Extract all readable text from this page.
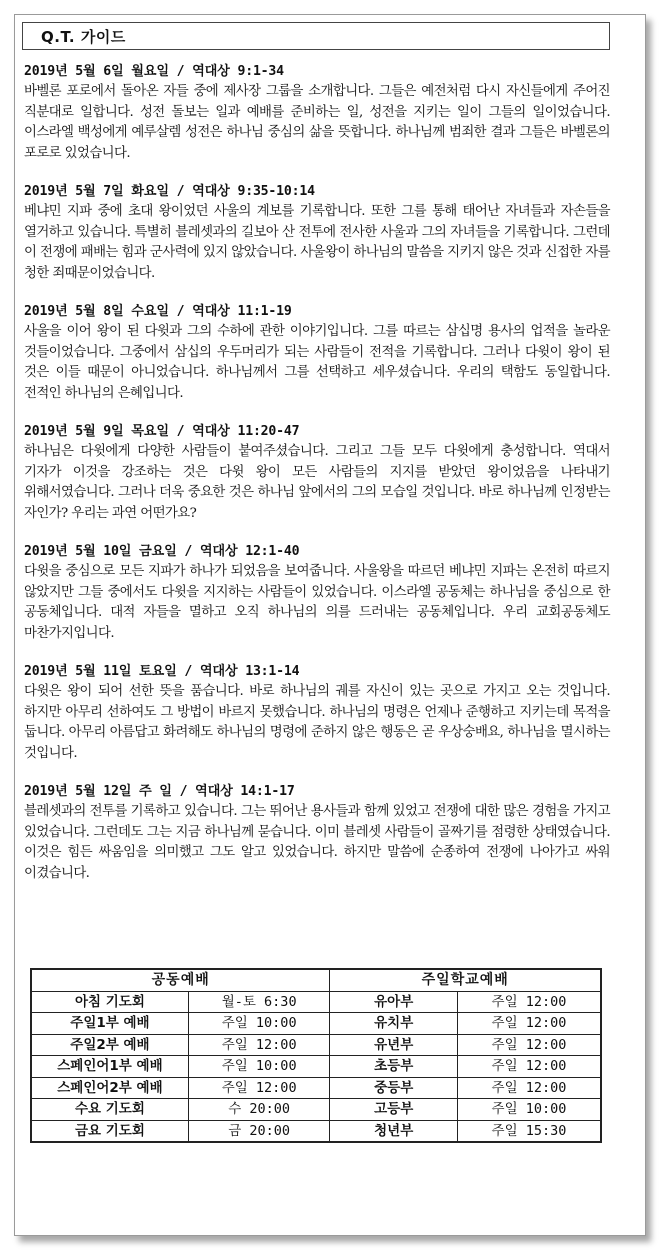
Q.T. 가이드
2019년 5월 6일 월요일 / 역대상 9:1-34
바벨론 포로에서 돌아온 자들 중에 제사장 그룹을 소개합니다. 그들은 예전처럼 다시 자신들에게 주어진 직분대로 일합니다. 성전 돌보는 일과 예배를 준비하는 일, 성전을 지키는 일이 그들의 일이었습니다. 이스라엘 백성에게 예루살렘 성전은 하나님 중심의 삶을 뜻합니다. 하나님께 범죄한 결과 그들은 바벨론의 포로로 있었습니다.
2019년 5월 7일 화요일 / 역대상 9:35-10:14
베냐민 지파 중에 초대 왕이었던 사울의 계보를 기록합니다. 또한 그를 통해 태어난 자녀들과 자손들을 열거하고 있습니다. 특별히 블레셋과의 길보아 산 전투에 전사한 사울과 그의 자녀들을 기록합니다. 그런데 이 전쟁에 패배는 힘과 군사력에 있지 않았습니다. 사울왕이 하나님의 말씀을 지키지 않은 것과 신접한 자를 청한 죄때문이었습니다.
2019년 5월 8일 수요일 / 역대상 11:1-19
사울을 이어 왕이 된 다윗과 그의 수하에 관한 이야기입니다. 그를 따르는 삼십명 용사의 업적을 놀라운 것들이었습니다. 그중에서 삼십의 우두머리가 되는 사람들이 전적을 기록합니다. 그러나 다윗이 왕이 된 것은 이들 때문이 아니었습니다. 하나님께서 그를 선택하고 세우셨습니다. 우리의 택함도 동일합니다. 전적인 하나님의 은혜입니다.
2019년 5월 9일 목요일 / 역대상 11:20-47
하나님은 다윗에게 다양한 사람들이 붙여주셨습니다. 그리고 그들 모두 다윗에게 충성합니다. 역대서 기자가 이것을 강조하는 것은 다윗 왕이 모든 사람들의 지지를 받았던 왕이었음을 나타내기 위해서였습니다. 그러나 더욱 중요한 것은 하나님 앞에서의 그의 모습일 것입니다. 바로 하나님께 인정받는 자인가? 우리는 과연 어떤가요?
2019년 5월 10일 금요일 / 역대상 12:1-40
다윗을 중심으로 모든 지파가 하나가 되었음을 보여줍니다. 사울왕을 따르던 베냐민 지파는 온전히 따르지 않았지만 그들 중에서도 다윗을 지지하는 사람들이 있었습니다. 이스라엘 공동체는 하나님을 중심으로 한 공동체입니다. 대적 자들을 멸하고 오직 하나님의 의를 드러내는 공동체입니다. 우리 교회공동체도 마찬가지입니다.
2019년 5월 11일 토요일 / 역대상 13:1-14
다윗은 왕이 되어 선한 뜻을 품습니다. 바로 하나님의 궤를 자신이 있는 곳으로 가지고 오는 것입니다. 하지만 아무리 선하여도 그 방법이 바르지 못했습니다. 하나님의 명령은 언제나 준행하고 지키는데 목적을 둡니다. 아무리 아름답고 화려해도 하나님의 명령에 준하지 않은 행동은 곧 우상숭배요, 하나님을 멸시하는 것입니다.
2019년 5월 12일 주 일 / 역대상 14:1-17
블레셋과의 전투를 기록하고 있습니다. 그는 뛰어난 용사들과 함께 있었고 전쟁에 대한 많은 경험을 가지고 있었습니다. 그런데도 그는 지금 하나님께 묻습니다. 이미 블레셋 사람들이 골짜기를 점령한 상태였습니다. 이것은 힘든 싸움임을 의미했고 그도 알고 있었습니다. 하지만 말씀에 순종하여 전쟁에 나아가고 싸워 이겼습니다.
공동예배		주일학교예배	
아침 기도회	월-토 6:30	유아부	주일 12:00
주일1부 예배	주일 10:00	유치부	주일 12:00
주일2부 예배	주일 12:00	유년부	주일 12:00
스페인어1부 예배	주일 10:00	초등부	주일 12:00
스페인어2부 예배	주일 12:00	중등부	주일 12:00
수요 기도회	수 20:00	고등부	주일 10:00
금요 기도회	금 20:00	청년부	주일 15:30
